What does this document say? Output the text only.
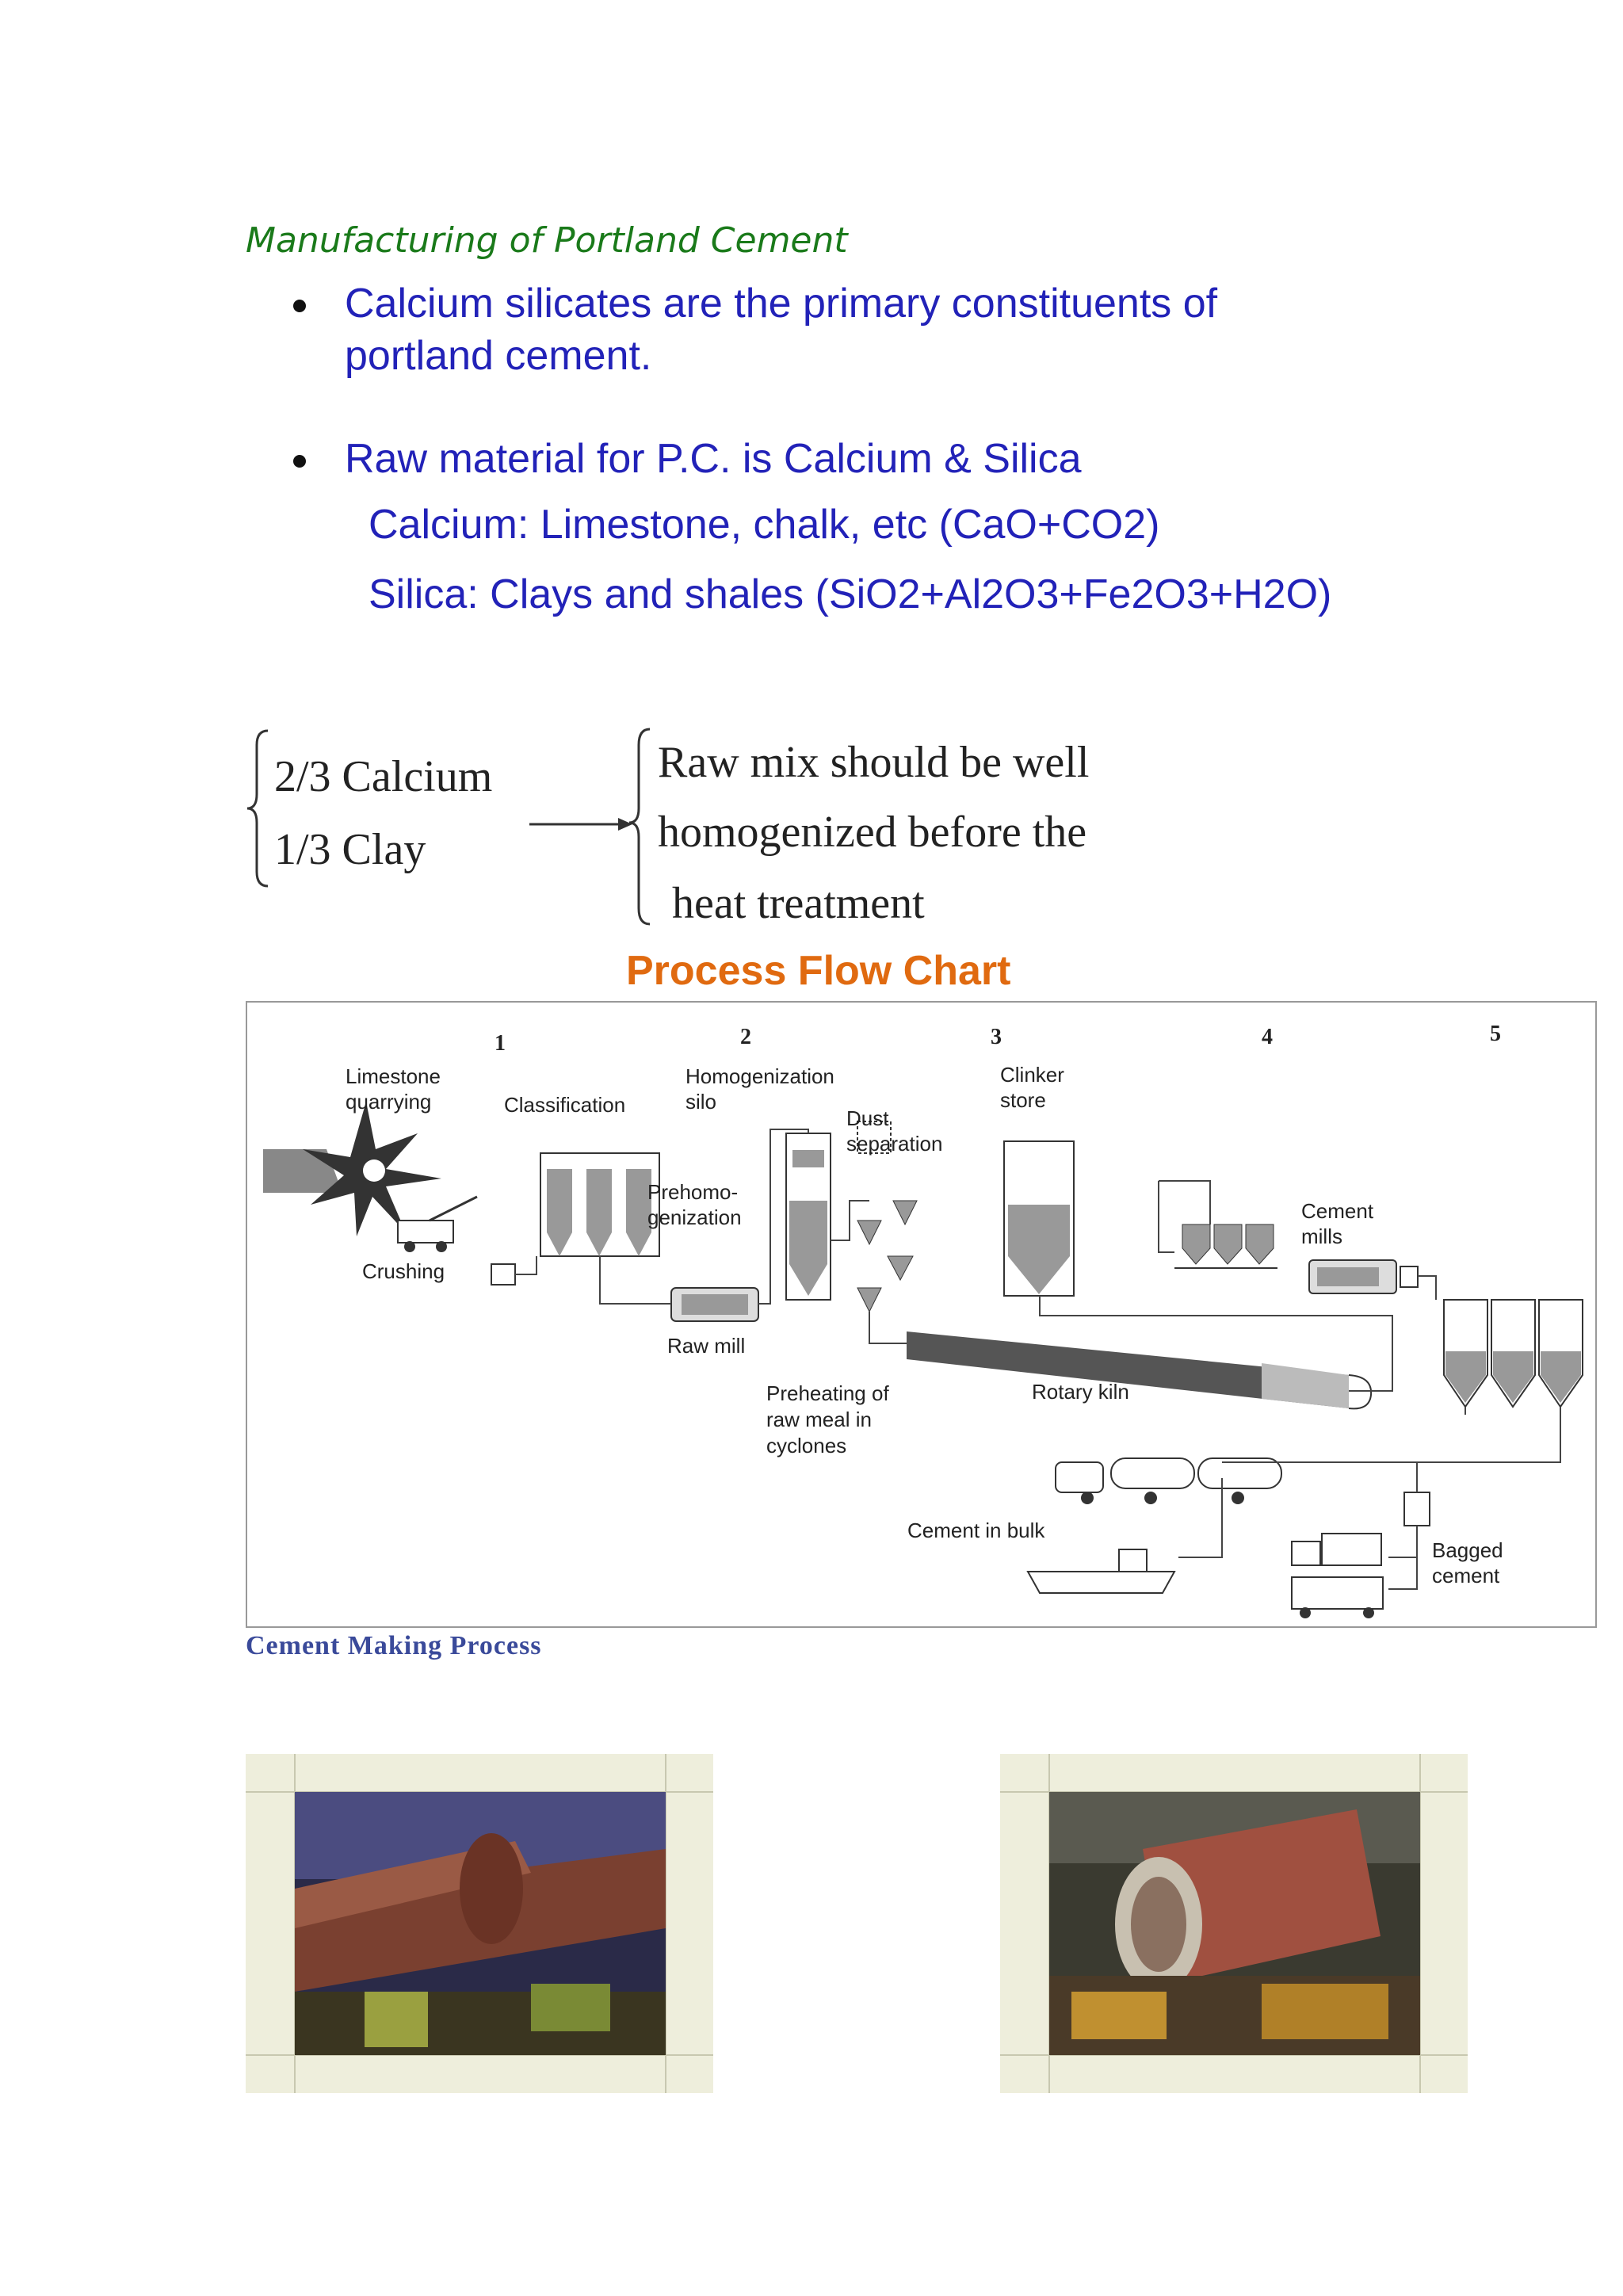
Manufacturing of Portland Cement
Calcium silicates are the primary constituents of
portland cement.
Raw material for P.C. is Calcium & Silica
Calcium: Limestone, chalk, etc (CaO+CO2)
Silica: Clays and shales (SiO2+Al2O3+Fe2O3+H2O)
2/3 Calcium
1/3 Clay
Raw mix should be well
homogenized before the
heat treatment
Process Flow Chart
1	2	3	4	5
Limestone
quarrying	Classification
Homogenization
silo
Clinker
store
Dust
separation
Prehomo-
genization	Cement
mills
Crushing
Raw mill
Preheating of
raw meal in
cyclones
Rotary kiln
Cement in bulk
Bagged
cement
Cement Making Process
